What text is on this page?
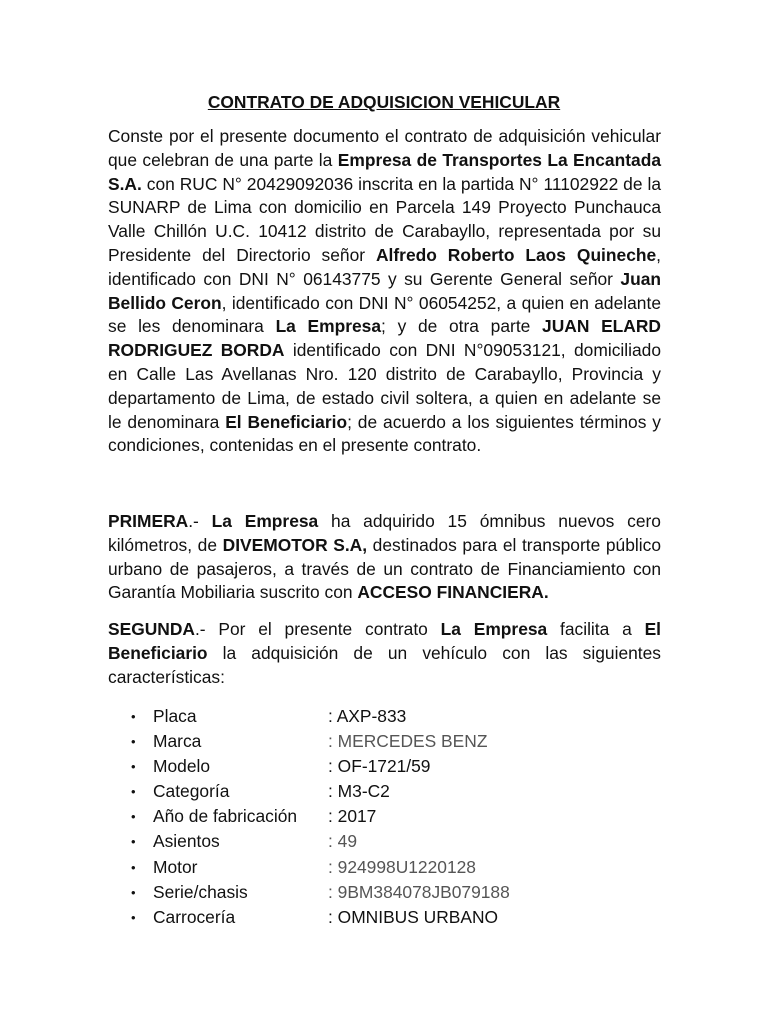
CONTRATO DE ADQUISICION VEHICULAR

Conste por el presente documento el contrato de adquisición vehicular que celebran de una parte la Empresa de Transportes La Encantada S.A. con RUC N° 20429092036 inscrita en la partida N° 11102922 de la SUNARP de Lima con domicilio en Parcela 149 Proyecto Punchauca Valle Chillón U.C. 10412 distrito de Carabayllo, representada por su Presidente del Directorio señor Alfredo Roberto Laos Quineche, identificado con DNI N° 06143775 y su Gerente General señor Juan Bellido Ceron, identificado con DNI N° 06054252, a quien en adelante se les denominara La Empresa; y de otra parte JUAN ELARD RODRIGUEZ BORDA identificado con DNI N°09053121, domiciliado en Calle Las Avellanas Nro. 120 distrito de Carabayllo, Provincia y departamento de Lima, de estado civil soltera, a quien en adelante se le denominara El Beneficiario; de acuerdo a los siguientes términos y condiciones, contenidas en el presente contrato.

PRIMERA.- La Empresa ha adquirido 15 ómnibus nuevos cero kilómetros, de DIVEMOTOR S.A, destinados para el transporte público urbano de pasajeros, a través de un contrato de Financiamiento con Garantía Mobiliaria suscrito con ACCESO FINANCIERA.

SEGUNDA.- Por el presente contrato La Empresa facilita a El Beneficiario la adquisición de un vehículo con las siguientes características:

• Placa	: AXP-833
• Marca	: MERCEDES BENZ
• Modelo	: OF-1721/59
• Categoría	: M3-C2
• Año de fabricación : 2017
• Asientos	: 49
• Motor	: 924998U1220128
• Serie/chasis	: 9BM384078JB079188
• Carrocería	: OMNIBUS URBANO
